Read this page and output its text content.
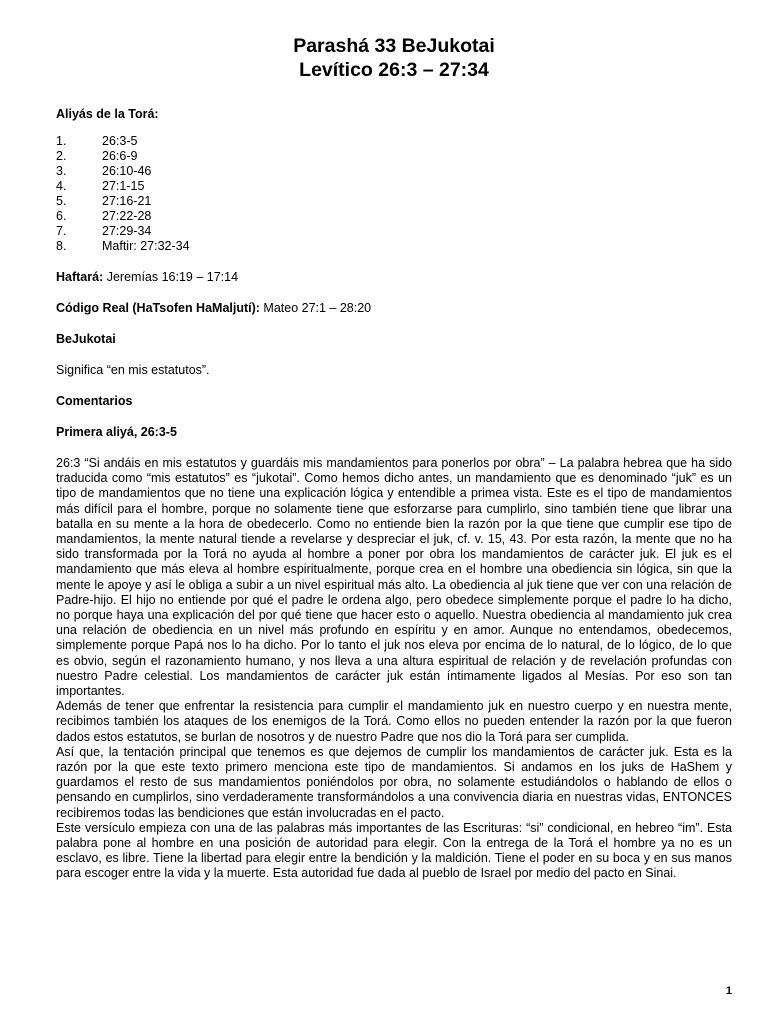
Parashá 33 BeJukotai
Levítico 26:3 – 27:34
Aliyás de la Torá:
1.	26:3-5
2.	26:6-9
3.	26:10-46
4.	27:1-15
5.	27:16-21
6.	27:22-28
7.	27:29-34
8.	Maftir: 27:32-34
Haftará: Jeremías 16:19 – 17:14
Código Real (HaTsofen HaMaljutí): Mateo 27:1 – 28:20
BeJukotai
Significa “en mis estatutos”.
Comentarios
Primera aliyá, 26:3-5

26:3 “Si andáis en mis estatutos y guardáis mis mandamientos para ponerlos por obra” – La palabra hebrea que ha sido traducida como “mis estatutos” es “jukotai”. Como hemos dicho antes, un mandamiento que es denominado “juk” es un tipo de mandamientos que no tiene una explicación lógica y entendible a primea vista. Este es el tipo de mandamientos más difícil para el hombre, porque no solamente tiene que esforzarse para cumplirlo, sino también tiene que librar una batalla en su mente a la hora de obedecerlo. Como no entiende bien la razón por la que tiene que cumplir ese tipo de mandamientos, la mente natural tiende a revelarse y despreciar el juk, cf. v. 15, 43. Por esta razón, la mente que no ha sido transformada por la Torá no ayuda al hombre a poner por obra los mandamientos de carácter juk. El juk es el mandamiento que más eleva al hombre espiritualmente, porque crea en el hombre una obediencia sin lógica, sin que la mente le apoye y así le obliga a subir a un nivel espiritual más alto. La obediencia al juk tiene que ver con una relación de Padre-hijo. El hijo no entiende por qué el padre le ordena algo, pero obedece simplemente porque el padre lo ha dicho, no porque haya una explicación del por qué tiene que hacer esto o aquello. Nuestra obediencia al mandamiento juk crea una relación de obediencia en un nivel más profundo en espíritu y en amor. Aunque no entendamos, obedecemos, simplemente porque Papá nos lo ha dicho. Por lo tanto el juk nos eleva por encima de lo natural, de lo lógico, de lo que es obvio, según el razonamiento humano, y nos lleva a una altura espiritual de relación y de revelación profundas con nuestro Padre celestial. Los mandamientos de carácter juk están íntimamente ligados al Mesías. Por eso son tan importantes.

Además de tener que enfrentar la resistencia para cumplir el mandamiento juk en nuestro cuerpo y en nuestra mente, recibimos también los ataques de los enemigos de la Torá. Como ellos no pueden entender la razón por la que fueron dados estos estatutos, se burlan de nosotros y de nuestro Padre que nos dio la Torá para ser cumplida.

Así que, la tentación principal que tenemos es que dejemos de cumplir los mandamientos de carácter juk. Esta es la razón por la que este texto primero menciona este tipo de mandamientos. Si andamos en los juks de HaShem y guardamos el resto de sus mandamientos poniéndolos por obra, no solamente estudiándolos o hablando de ellos o pensando en cumplirlos, sino verdaderamente transformándolos a una convivencia diaria en nuestras vidas, ENTONCES recibiremos todas las bendiciones que están involucradas en el pacto.

Este versículo empieza con una de las palabras más importantes de las Escrituras: “si” condicional, en hebreo “im”. Esta palabra pone al hombre en una posición de autoridad para elegir. Con la entrega de la Torá el hombre ya no es un esclavo, es libre. Tiene la libertad para elegir entre la bendición y la maldición. Tiene el poder en su boca y en sus manos para escoger entre la vida y la muerte. Esta autoridad fue dada al pueblo de Israel por medio del pacto en Sinai.

1
